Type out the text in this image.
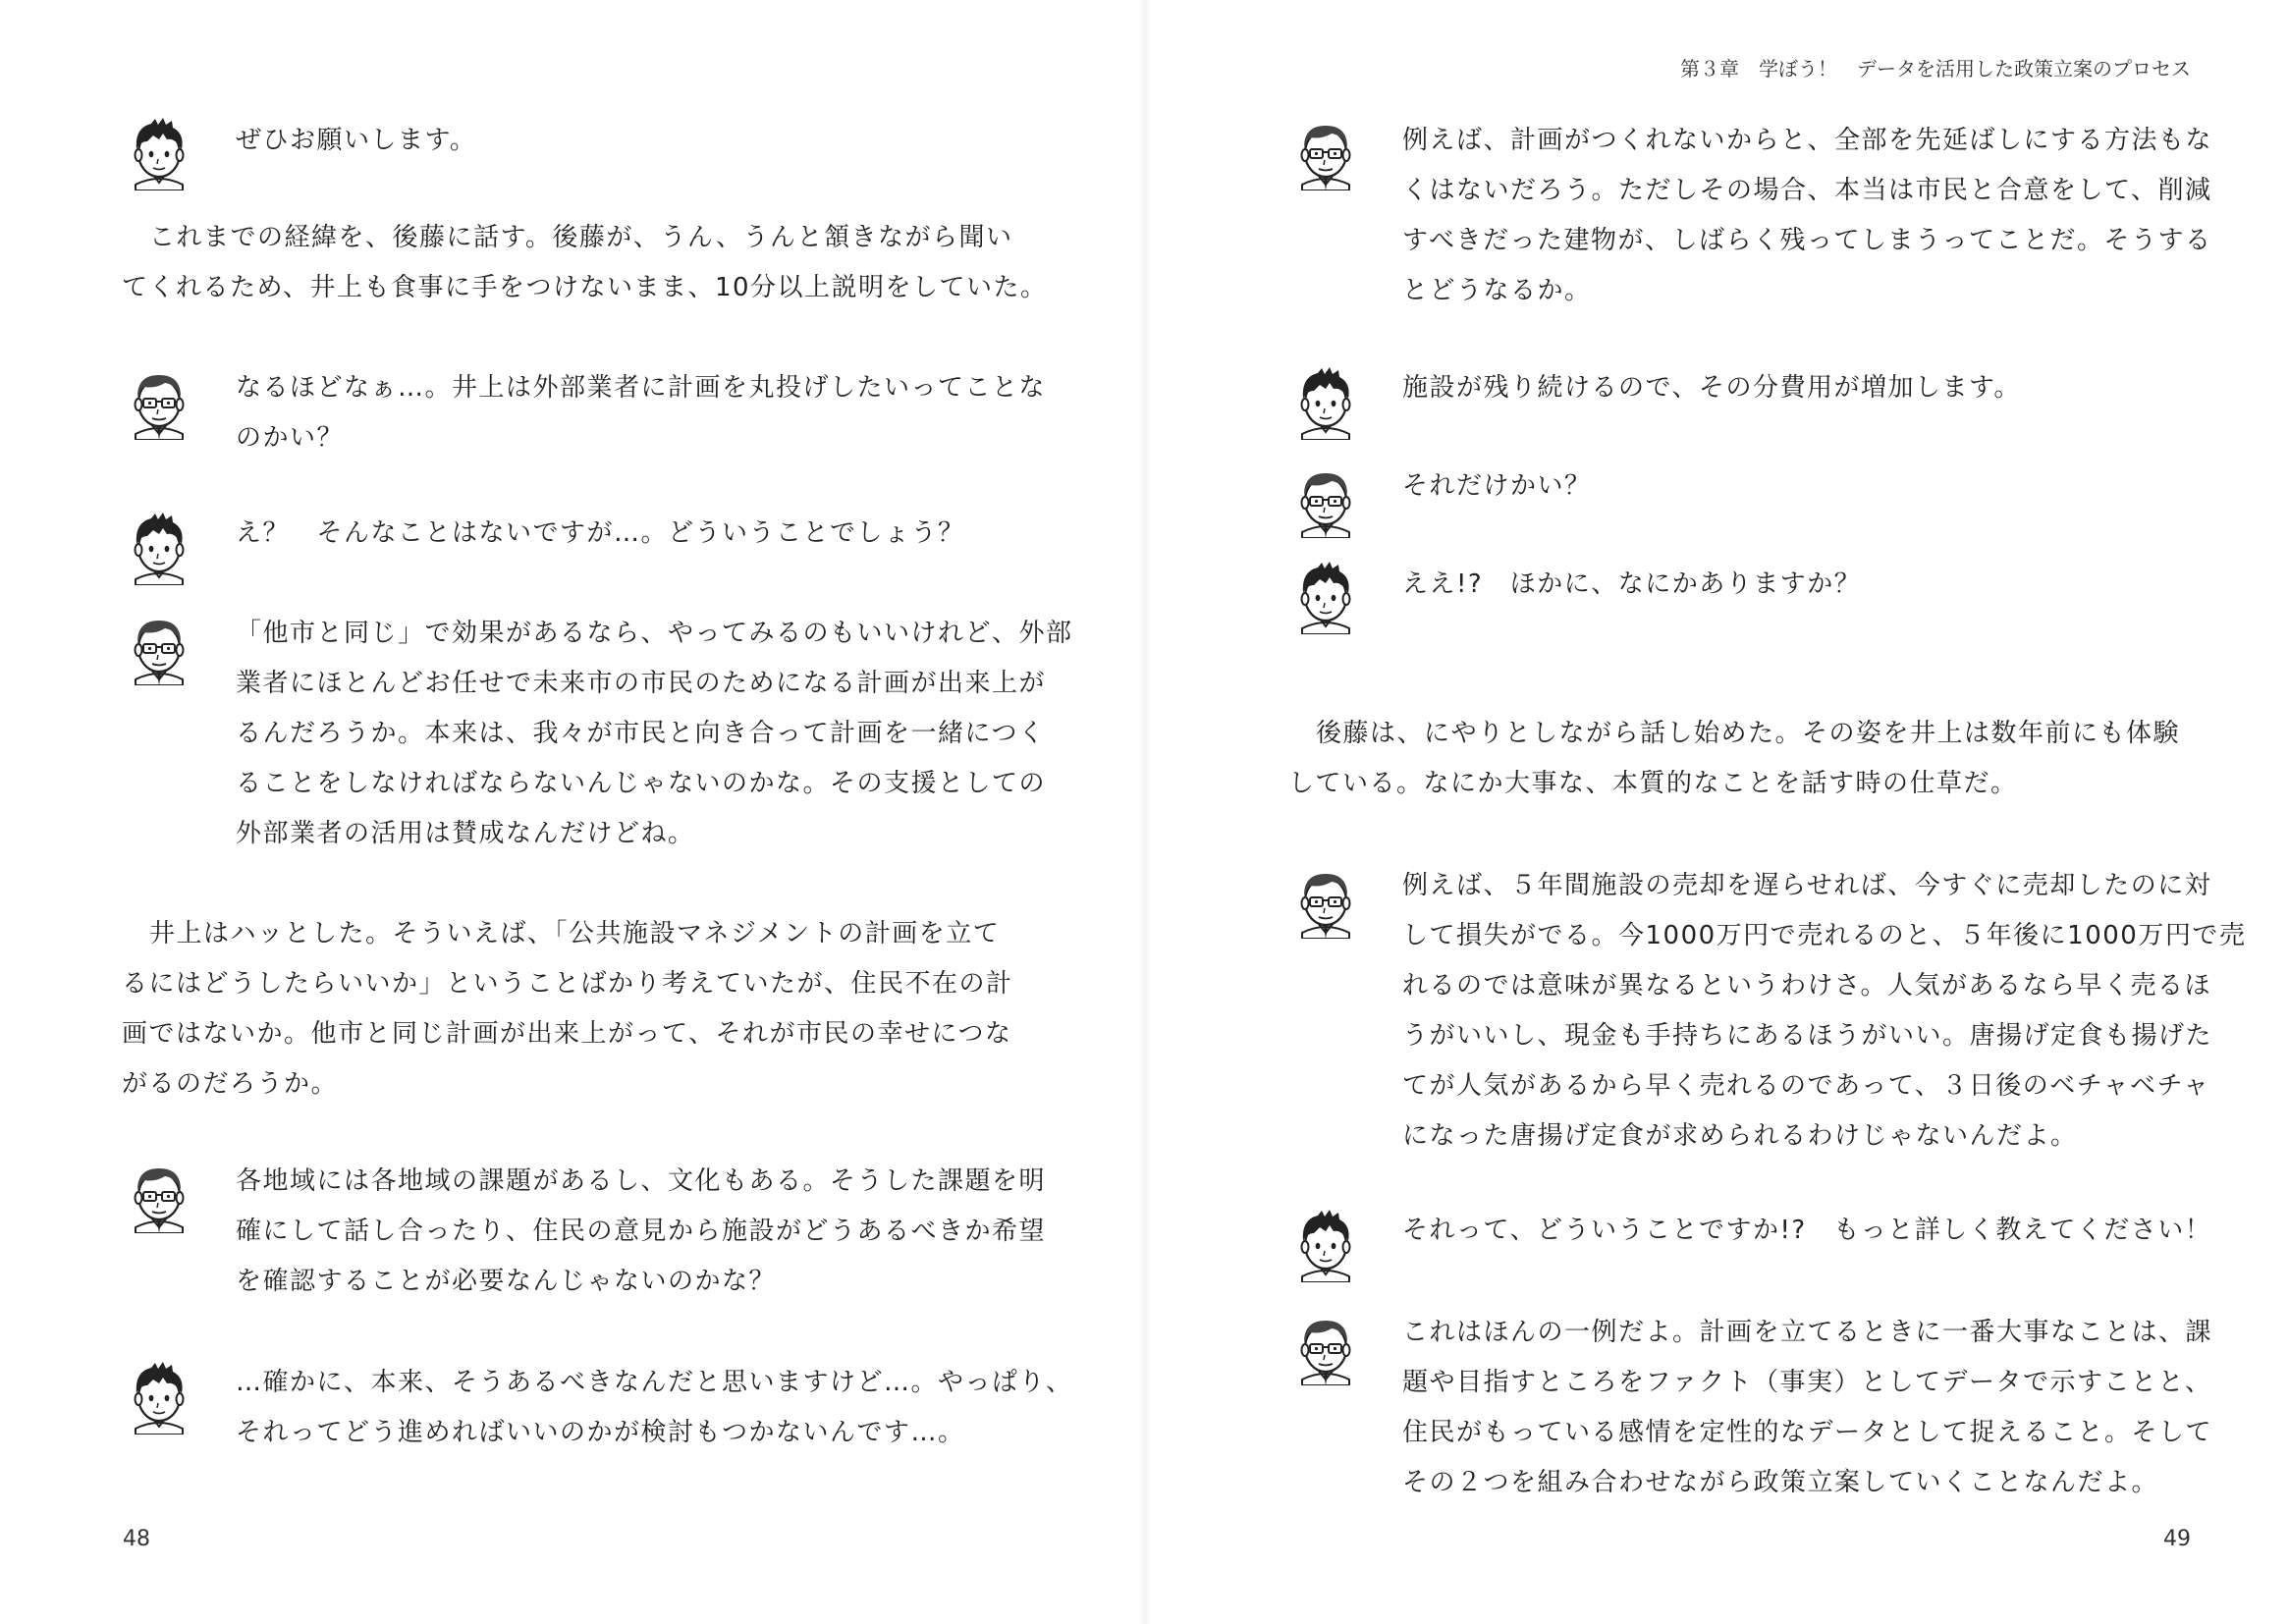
ぜひお願いします。
これまでの経緯を、後藤に話す。後藤が、うん、うんと頷きながら聞い
てくれるため、井上も食事に手をつけないまま、10分以上説明をしていた。
なるほどなぁ…。井上は外部業者に計画を丸投げしたいってことな
のかい？
え？　そんなことはないですが…。どういうことでしょう？
「他市と同じ」で効果があるなら、やってみるのもいいけれど、外部
業者にほとんどお任せで未来市の市民のためになる計画が出来上が
るんだろうか。本来は、我々が市民と向き合って計画を一緒につく
ることをしなければならないんじゃないのかな。その支援としての
外部業者の活用は賛成なんだけどね。
井上はハッとした。そういえば、「公共施設マネジメントの計画を立て
るにはどうしたらいいか」ということばかり考えていたが、住民不在の計
画ではないか。他市と同じ計画が出来上がって、それが市民の幸せにつな
がるのだろうか。
各地域には各地域の課題があるし、文化もある。そうした課題を明
確にして話し合ったり、住民の意見から施設がどうあるべきか希望
を確認することが必要なんじゃないのかな？
…確かに、本来、そうあるべきなんだと思いますけど…。やっぱり、
それってどう進めればいいのかが検討もつかないんです…。
48
第３章　学ぼう！　データを活用した政策立案のプロセス
例えば、計画がつくれないからと、全部を先延ばしにする方法もな
くはないだろう。ただしその場合、本当は市民と合意をして、削減
すべきだった建物が、しばらく残ってしまうってことだ。そうする
とどうなるか。
施設が残り続けるので、その分費用が増加します。
それだけかい？
ええ!?　ほかに、なにかありますか？
後藤は、にやりとしながら話し始めた。その姿を井上は数年前にも体験
している。なにか大事な、本質的なことを話す時の仕草だ。
例えば、５年間施設の売却を遅らせれば、今すぐに売却したのに対
して損失がでる。今1000万円で売れるのと、５年後に1000万円で売
れるのでは意味が異なるというわけさ。人気があるなら早く売るほ
うがいいし、現金も手持ちにあるほうがいい。唐揚げ定食も揚げた
てが人気があるから早く売れるのであって、３日後のベチャベチャ
になった唐揚げ定食が求められるわけじゃないんだよ。
それって、どういうことですか!?　もっと詳しく教えてください！
これはほんの一例だよ。計画を立てるときに一番大事なことは、課
題や目指すところをファクト（事実）としてデータで示すことと、
住民がもっている感情を定性的なデータとして捉えること。そして
その２つを組み合わせながら政策立案していくことなんだよ。
49
